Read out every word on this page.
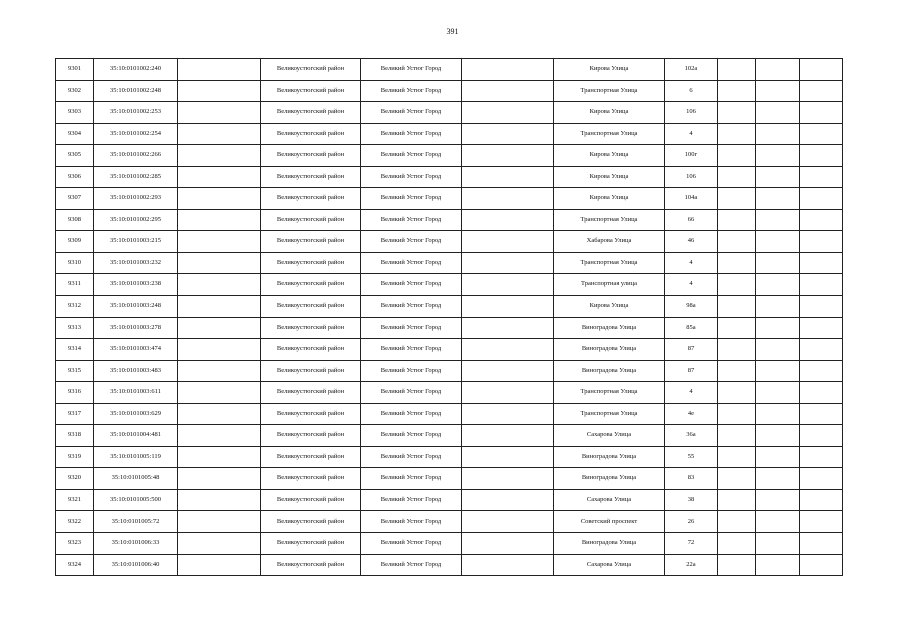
391
9301	35:10:0101002:240		Великоустюгский район	Великий Устюг Город		Кирова Улица	102а			
9302	35:10:0101002:248		Великоустюгский район	Великий Устюг Город		Транспортная Улица	6			
9303	35:10:0101002:253		Великоустюгский район	Великий Устюг Город		Кирова Улица	106			
9304	35:10:0101002:254		Великоустюгский район	Великий Устюг Город		Транспортная Улица	4			
9305	35:10:0101002:266		Великоустюгский район	Великий Устюг Город		Кирова Улица	100г			
9306	35:10:0101002:285		Великоустюгский район	Великий Устюг Город		Кирова Улица	106			
9307	35:10:0101002:293		Великоустюгский район	Великий Устюг Город		Кирова Улица	104а			
9308	35:10:0101002:295		Великоустюгский район	Великий Устюг Город		Транспортная Улица	66			
9309	35:10:0101003:215		Великоустюгский район	Великий Устюг Город		Хабарова Улица	46			
9310	35:10:0101003:232		Великоустюгский район	Великий Устюг Город		Транспортная Улица	4			
9311	35:10:0101003:238		Великоустюгский район	Великий Устюг Город		Транспортная улица	4			
9312	35:10:0101003:248		Великоустюгский район	Великий Устюг Город		Кирова Улица	98а			
9313	35:10:0101003:278		Великоустюгский район	Великий Устюг Город		Виноградова Улица	85а			
9314	35:10:0101003:474		Великоустюгский район	Великий Устюг Город		Виноградова Улица	87			
9315	35:10:0101003:483		Великоустюгский район	Великий Устюг Город		Виноградова Улица	87			
9316	35:10:0101003:611		Великоустюгский район	Великий Устюг Город		Транспортная Улица	4			
9317	35:10:0101003:629		Великоустюгский район	Великий Устюг Город		Транспортная Улица	4е			
9318	35:10:0101004:481		Великоустюгский район	Великий Устюг Город		Сахарова Улица	36а			
9319	35:10:0101005:119		Великоустюгский район	Великий Устюг Город		Виноградова Улица	55			
9320	35:10:0101005:48		Великоустюгский район	Великий Устюг Город		Виноградова Улица	83			
9321	35:10:0101005:500		Великоустюгский район	Великий Устюг Город		Сахарова Улица	38			
9322	35:10:0101005:72		Великоустюгский район	Великий Устюг Город		Советский проспект	26			
9323	35:10:0101006:33		Великоустюгский район	Великий Устюг Город		Виноградова Улица	72			
9324	35:10:0101006:40		Великоустюгский район	Великий Устюг Город		Сахарова Улица	22а			
